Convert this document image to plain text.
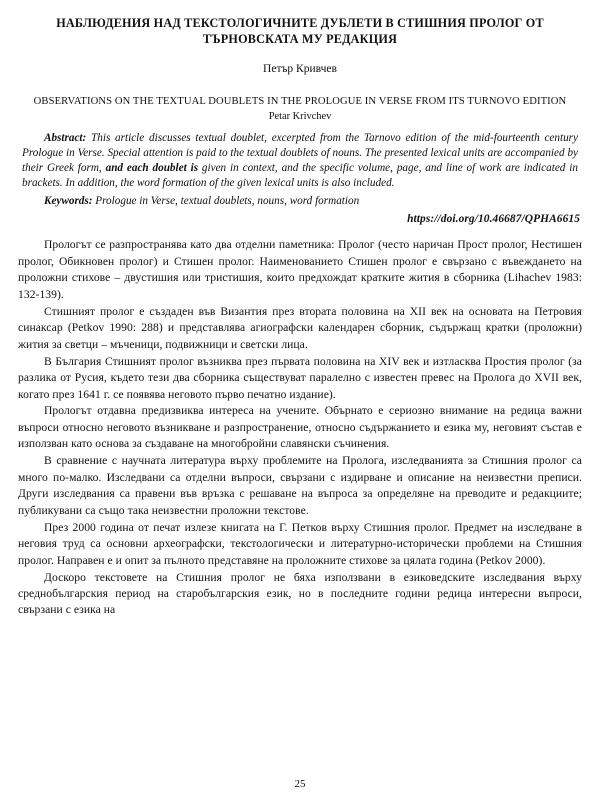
НАБЛЮДЕНИЯ НАД ТЕКСТОЛОГИЧНИТЕ ДУБЛЕТИ В СТИШНИЯ ПРОЛОГ ОТ ТЪРНОВСКАТА МУ РЕДАКЦИЯ
Петър Кривчев
OBSERVATIONS ON THE TEXTUAL DOUBLETS IN THE PROLOGUE IN VERSE FROM ITS TURNOVO EDITION
Petar Krivchev
Abstract: This article discusses textual doublet, excerpted from the Tarnovo edition of the mid-fourteenth century Prologue in Verse. Special attention is paid to the textual doublets of nouns. The presented lexical units are accompanied by their Greek form, and each doublet is given in context, and the specific volume, page, and line of work are indicated in brackets. In addition, the word formation of the given lexical units is also included.
Keywords: Prologue in Verse, textual doublets, nouns, word formation
https://doi.org/10.46687/QPHA6615

Прологът се разпространява като два отделни паметника: Пролог (често наричан Прост пролог, Нестишен пролог, Обикновен пролог) и Стишен пролог. Наименованието Стишен пролог е свързано с въвеждането на проложни стихове – двустишия или тристишия, които предхождат кратките жития в сборника (Lihachev 1983: 132-139).

Стишният пролог е създаден във Византия през втората половина на ХІІ век на основата на Петровия синаксар (Petkov 1990: 288) и представлява агиографски календарен сборник, съдържащ кратки (проложни) жития за светци – мъченици, подвижници и светски лица.

В България Стишният пролог възниква през първата половина на ХІV век и изтласква Простия пролог (за разлика от Русия, където тези два сборника съществуват паралелно с известен превес на Пролога до ХVІІ век, когато през 1641 г. се появява неговото първо печатно издание).

Прологът отдавна предизвиква интереса на учените. Обърнато е сериозно внимание на редица важни въпроси относно неговото възникване и разпространение, относно съдържанието и езика му, неговият състав е използван като основа за създаване на многобройни славянски съчинения.

В сравнение с научната литература върху проблемите на Пролога, изследванията за Стишния пролог са много по-малко. Изследвани са отделни въпроси, свързани с издирване и описание на неизвестни преписи. Други изследвания са правени във връзка с решаване на въпроса за определяне на преводите и редакциите; публикувани са също така неизвестни проложни текстове.

През 2000 година от печат излезе книгата на Г. Петков върху Стишния пролог. Предмет на изследване в неговия труд са основни археографски, текстологически и литературно-исторически проблеми на Стишния пролог. Направен е и опит за пълното представяне на проложните стихове за цялата година (Petkov 2000).

Доскоро текстовете на Стишния пролог не бяха използвани в езиковедските изследвания върху среднобългарския период на старобългарския език, но в последните години редица интересни въпроси, свързани с езика на

25
